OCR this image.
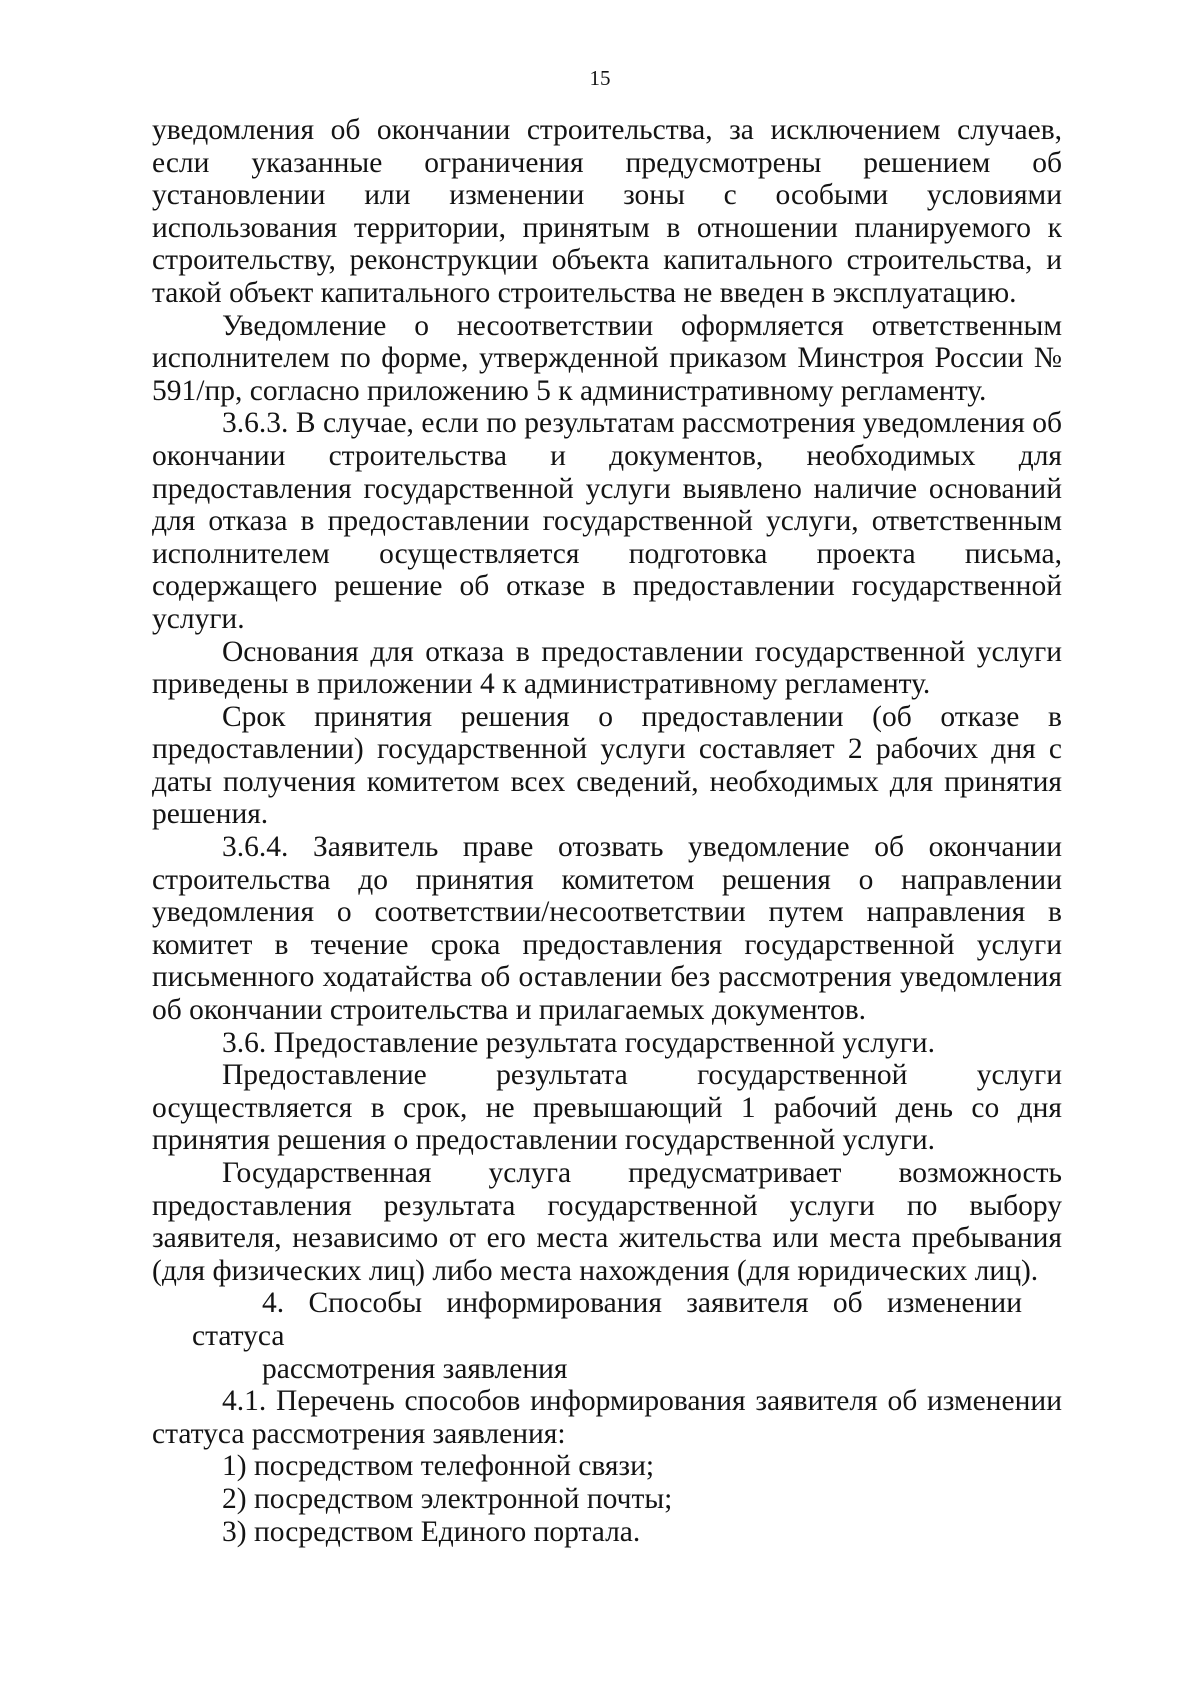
15

уведомления об окончании строительства, за исключением случаев, если указанные ограничения предусмотрены решением об установлении или изменении зоны с особыми условиями использования территории, принятым в отношении планируемого к строительству, реконструкции объекта капитального строительства, и такой объект капитального строительства не введен в эксплуатацию.

Уведомление о несоответствии оформляется ответственным исполнителем по форме, утвержденной приказом Минстроя России № 591/пр, согласно приложению 5 к административному регламенту.

3.6.3. В случае, если по результатам рассмотрения уведомления об окончании строительства и документов, необходимых для предоставления государственной услуги выявлено наличие оснований для отказа в предоставлении государственной услуги, ответственным исполнителем осуществляется подготовка проекта письма, содержащего решение об отказе в предоставлении государственной услуги.

Основания для отказа в предоставлении государственной услуги приведены в приложении 4 к административному регламенту.

Срок принятия решения о предоставлении (об отказе в предоставлении) государственной услуги составляет 2 рабочих дня с даты получения комитетом всех сведений, необходимых для принятия решения.

3.6.4. Заявитель праве отозвать уведомление об окончании строительства до принятия комитетом решения о направлении уведомления о соответствии/несоответствии путем направления в комитет в течение срока предоставления государственной услуги письменного ходатайства об оставлении без рассмотрения уведомления об окончании строительства и прилагаемых документов.

3.6. Предоставление результата государственной услуги.

Предоставление результата государственной услуги осуществляется в срок, не превышающий 1 рабочий день со дня принятия решения о предоставлении государственной услуги.

Государственная услуга предусматривает возможность предоставления результата государственной услуги по выбору заявителя, независимо от его места жительства или места пребывания (для физических лиц) либо места нахождения (для юридических лиц).

4. Способы информирования заявителя об изменении статуса
рассмотрения заявления

4.1. Перечень способов информирования заявителя об изменении статуса рассмотрения заявления:

1) посредством телефонной связи;

2) посредством электронной почты;

3) посредством Единого портала.
